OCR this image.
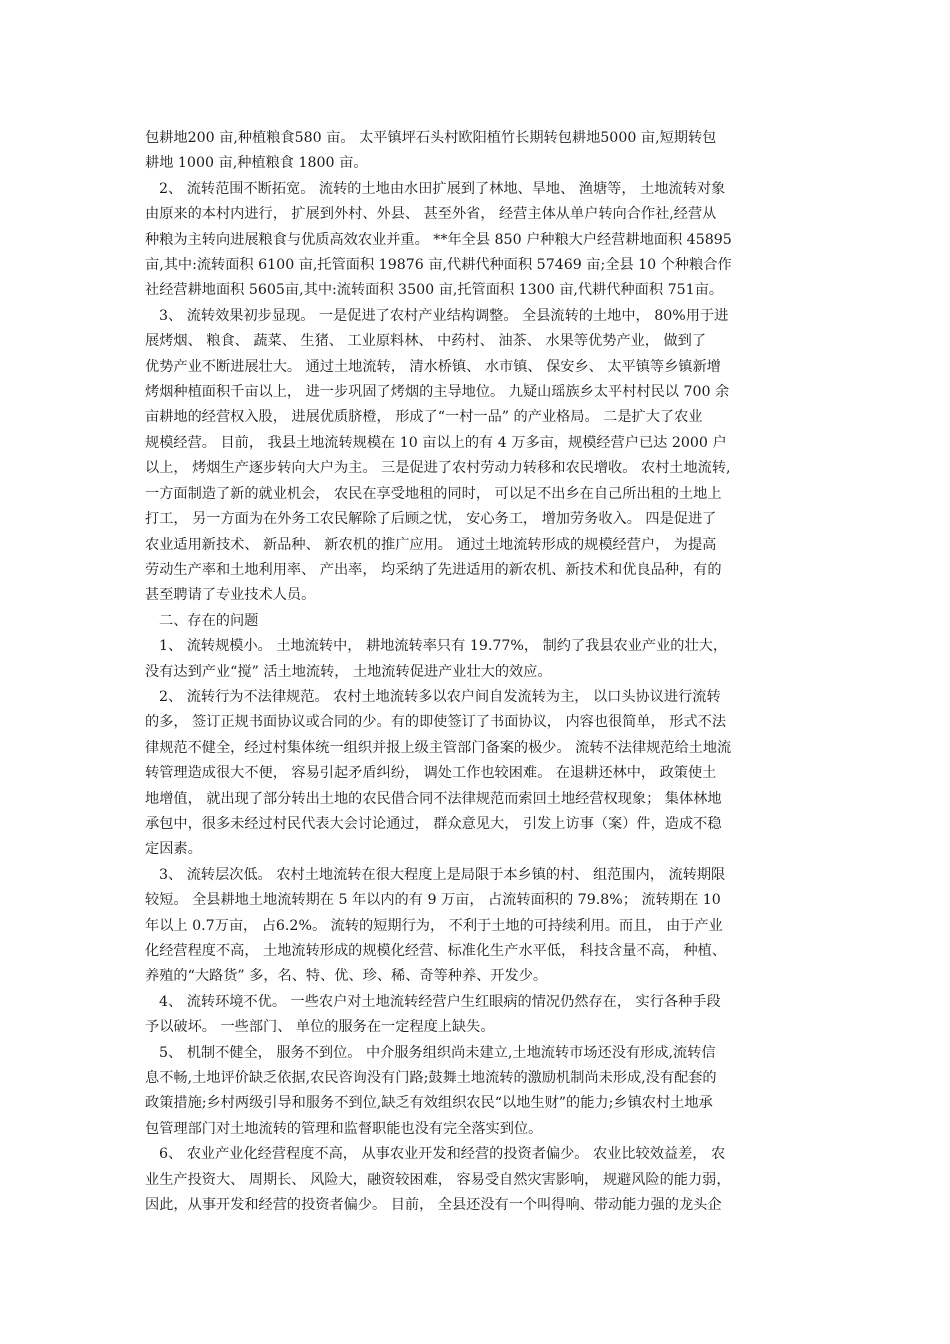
包耕地200 亩,种植粮食580 亩。 太平镇坪石头村欧阳植竹长期转包耕地5000 亩,短期转包
耕地 1000 亩,种植粮食 1800 亩。
2、 流转范围不断拓宽。 流转的土地由水田扩展到了林地、旱地、 渔塘等， 土地流转对象
由原来的本村内进行， 扩展到外村、外县、 甚至外省， 经营主体从单户转向合作社,经营从
种粮为主转向进展粮食与优质高效农业并重。 **年全县 850 户种粮大户经营耕地面积 45895
亩,其中:流转面积 6100 亩,托管面积 19876 亩,代耕代种面积 57469 亩;全县 10 个种粮合作
社经营耕地面积 5605亩,其中:流转面积 3500 亩,托管面积 1300 亩,代耕代种面积 751亩。
3、 流转效果初步显现。 一是促进了农村产业结构调整。 全县流转的土地中， 80%用于进
展烤烟、 粮食、 蔬菜、 生猪、 工业原料林、 中药村、 油茶、 水果等优势产业， 做到了
优势产业不断进展壮大。 通过土地流转， 清水桥镇、 水市镇、 保安乡、 太平镇等乡镇新增
烤烟种植面积千亩以上， 进一步巩固了烤烟的主导地位。 九疑山瑶族乡太平村村民以 700 余
亩耕地的经营权入股， 进展优质脐橙， 形成了“一村一品” 的产业格局。 二是扩大了农业
规模经营。 目前， 我县土地流转规模在 10 亩以上的有 4 万多亩，规模经营户已达 2000 户
以上， 烤烟生产逐步转向大户为主。 三是促进了农村劳动力转移和农民增收。 农村土地流转,
一方面制造了新的就业机会， 农民在享受地租的同时， 可以足不出乡在自己所出租的土地上
打工， 另一方面为在外务工农民解除了后顾之忧， 安心务工， 增加劳务收入。 四是促进了
农业适用新技术、 新品种、 新农机的推广应用。 通过土地流转形成的规模经营户， 为提高
劳动生产率和土地利用率、 产出率， 均采纳了先进适用的新农机、新技术和优良品种，有的
甚至聘请了专业技术人员。
二、存在的问题
1、 流转规模小。 土地流转中， 耕地流转率只有 19.77%， 制约了我县农业产业的壮大，
没有达到产业“搅” 活土地流转， 土地流转促进产业壮大的效应。
2、 流转行为不法律规范。 农村土地流转多以农户间自发流转为主， 以口头协议进行流转
的多， 签订正规书面协议或合同的少。有的即使签订了书面协议， 内容也很简单， 形式不法
律规范不健全，经过村集体统一组织并报上级主管部门备案的极少。 流转不法律规范给土地流
转管理造成很大不便， 容易引起矛盾纠纷， 调处工作也较困难。 在退耕还林中， 政策使土
地增值， 就出现了部分转出土地的农民借合同不法律规范而索回土地经营权现象； 集体林地
承包中，很多未经过村民代表大会讨论通过， 群众意见大， 引发上访事（案）件，造成不稳
定因素。
3、 流转层次低。 农村土地流转在很大程度上是局限于本乡镇的村、 组范围内， 流转期限
较短。 全县耕地土地流转期在 5 年以内的有 9 万亩， 占流转面积的 79.8%； 流转期在 10
年以上 0.7万亩， 占6.2%。 流转的短期行为， 不利于土地的可持续利用。而且， 由于产业
化经营程度不高， 土地流转形成的规模化经营、标准化生产水平低， 科技含量不高， 种植、
养殖的“大路货” 多，名、特、优、珍、稀、奇等种养、开发少。
4、 流转环境不优。 一些农户对土地流转经营户生红眼病的情况仍然存在， 实行各种手段
予以破坏。 一些部门、 单位的服务在一定程度上缺失。
5、 机制不健全， 服务不到位。 中介服务组织尚未建立,土地流转市场还没有形成,流转信
息不畅,土地评价缺乏依据,农民咨询没有门路;鼓舞土地流转的激励机制尚未形成,没有配套的
政策措施;乡村两级引导和服务不到位,缺乏有效组织农民“以地生财”的能力;乡镇农村土地承
包管理部门对土地流转的管理和监督职能也没有完全落实到位。
6、 农业产业化经营程度不高， 从事农业开发和经营的投资者偏少。 农业比较效益差， 农
业生产投资大、 周期长、 风险大，融资较困难， 容易受自然灾害影响， 规避风险的能力弱，
因此，从事开发和经营的投资者偏少。 目前， 全县还没有一个叫得响、带动能力强的龙头企
